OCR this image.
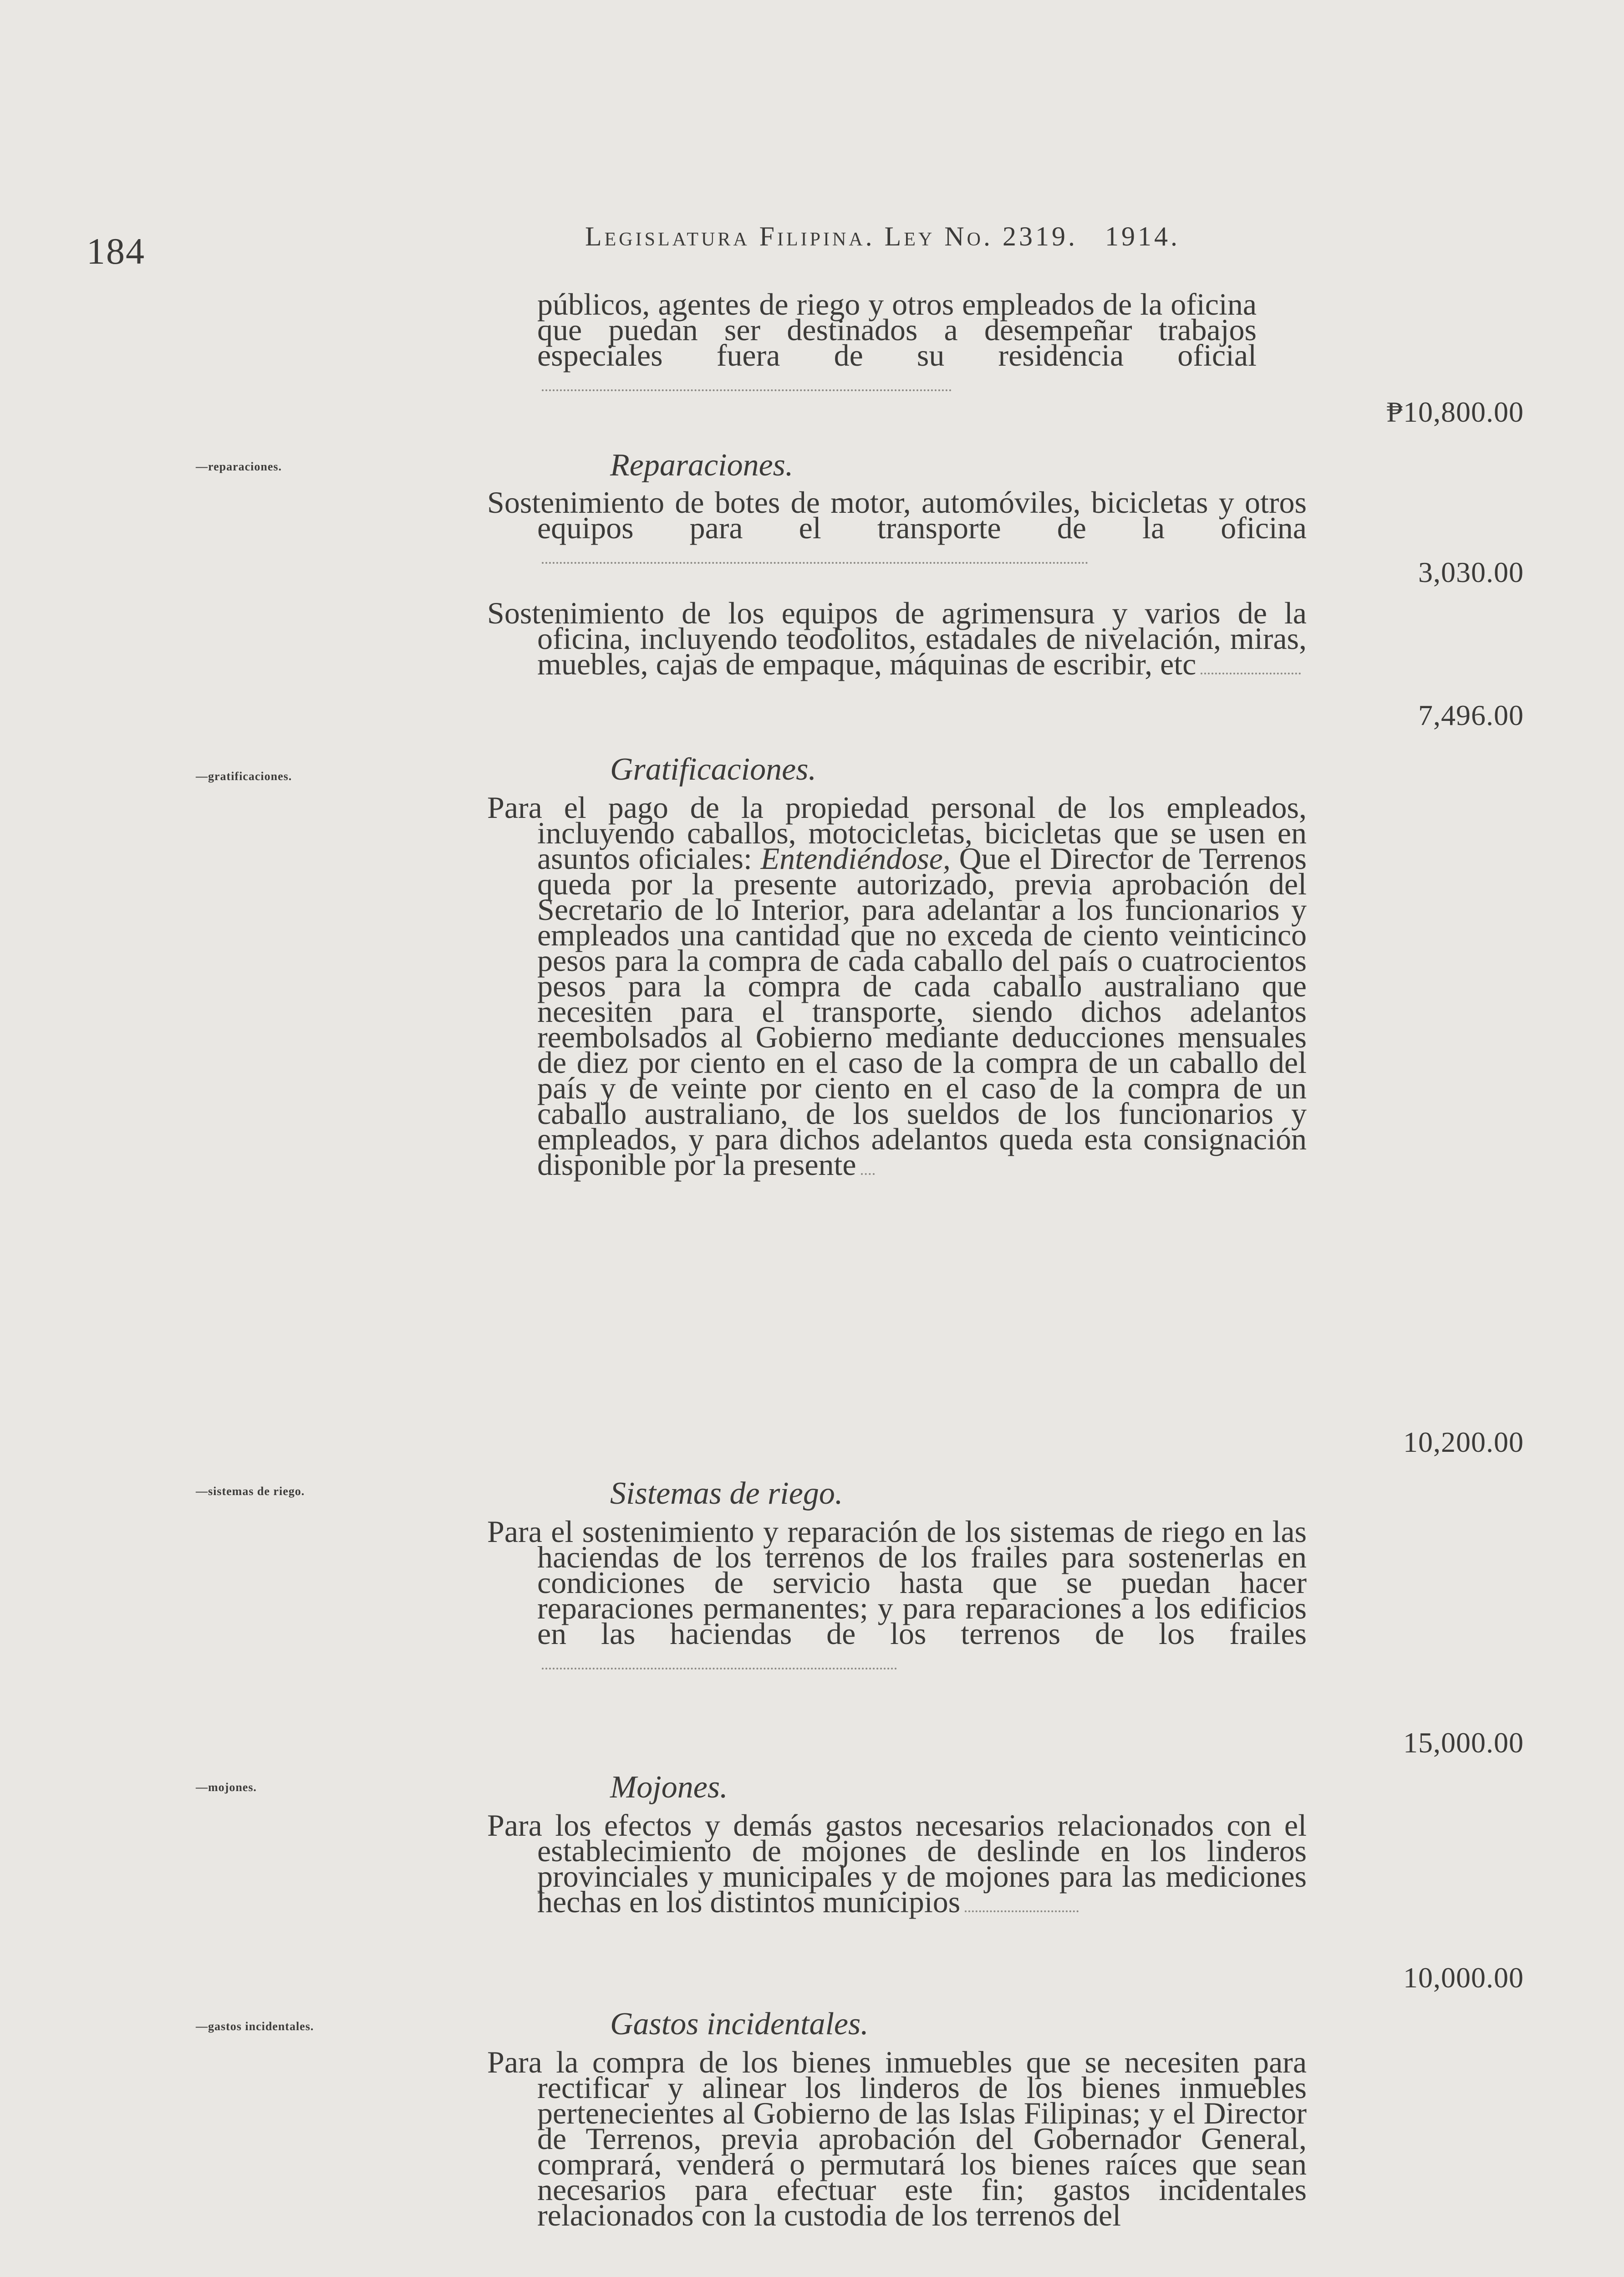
184	Legislatura Filipina. Ley No. 2319. 1914.
públicos, agentes de riego y otros empleados de la oficina que puedan ser destinados a desempeñar trabajos especiales fuera de su residencia oficial
₱10,800.00
—reparaciones.	Reparaciones.
Sostenimiento de botes de motor, automóviles, bicicletas y otros equipos para el transporte de la oficina
3,030.00
Sostenimiento de los equipos de agrimensura y varios de la oficina, incluyendo teodolitos, estadales de nivelación, miras, muebles, cajas de empaque, máquinas de escribir, etc
7,496.00
—gratificaciones.	Gratificaciones.
Para el pago de la propiedad personal de los empleados, incluyendo caballos, motocicletas, bicicletas que se usen en asuntos oficiales: Entendiéndose, Que el Director de Terrenos queda por la presente autorizado, previa aprobación del Secretario de lo Interior, para adelantar a los funcionarios y empleados una cantidad que no exceda de ciento veinticinco pesos para la compra de cada caballo del país o cuatrocientos pesos para la compra de cada caballo australiano que necesiten para el transporte, siendo dichos adelantos reembolsados al Gobierno mediante deducciones mensuales de diez por ciento en el caso de la compra de un caballo del país y de veinte por ciento en el caso de la compra de un caballo australiano, de los sueldos de los funcionarios y empleados, y para dichos adelantos queda esta consignación disponible por la presente
10,200.00
—sistemas de riego.	Sistemas de riego.
Para el sostenimiento y reparación de los sistemas de riego en las haciendas de los terrenos de los frailes para sostenerlas en condiciones de servicio hasta que se puedan hacer reparaciones permanentes; y para reparaciones a los edificios en las haciendas de los terrenos de los frailes
15,000.00
—mojones.	Mojones.
Para los efectos y demás gastos necesarios relacionados con el establecimiento de mojones de deslinde en los linderos provinciales y municipales y de mojones para las mediciones hechas en los distintos municipios
10,000.00
—gastos incidentales.	Gastos incidentales.
Para la compra de los bienes inmuebles que se necesiten para rectificar y alinear los linderos de los bienes inmuebles pertenecientes al Gobierno de las Islas Filipinas; y el Director de Terrenos, previa aprobación del Gobernador General, comprará, venderá o permutará los bienes raíces que sean necesarios para efectuar este fin; gastos incidentales relacionados con la custodia de los terrenos del
